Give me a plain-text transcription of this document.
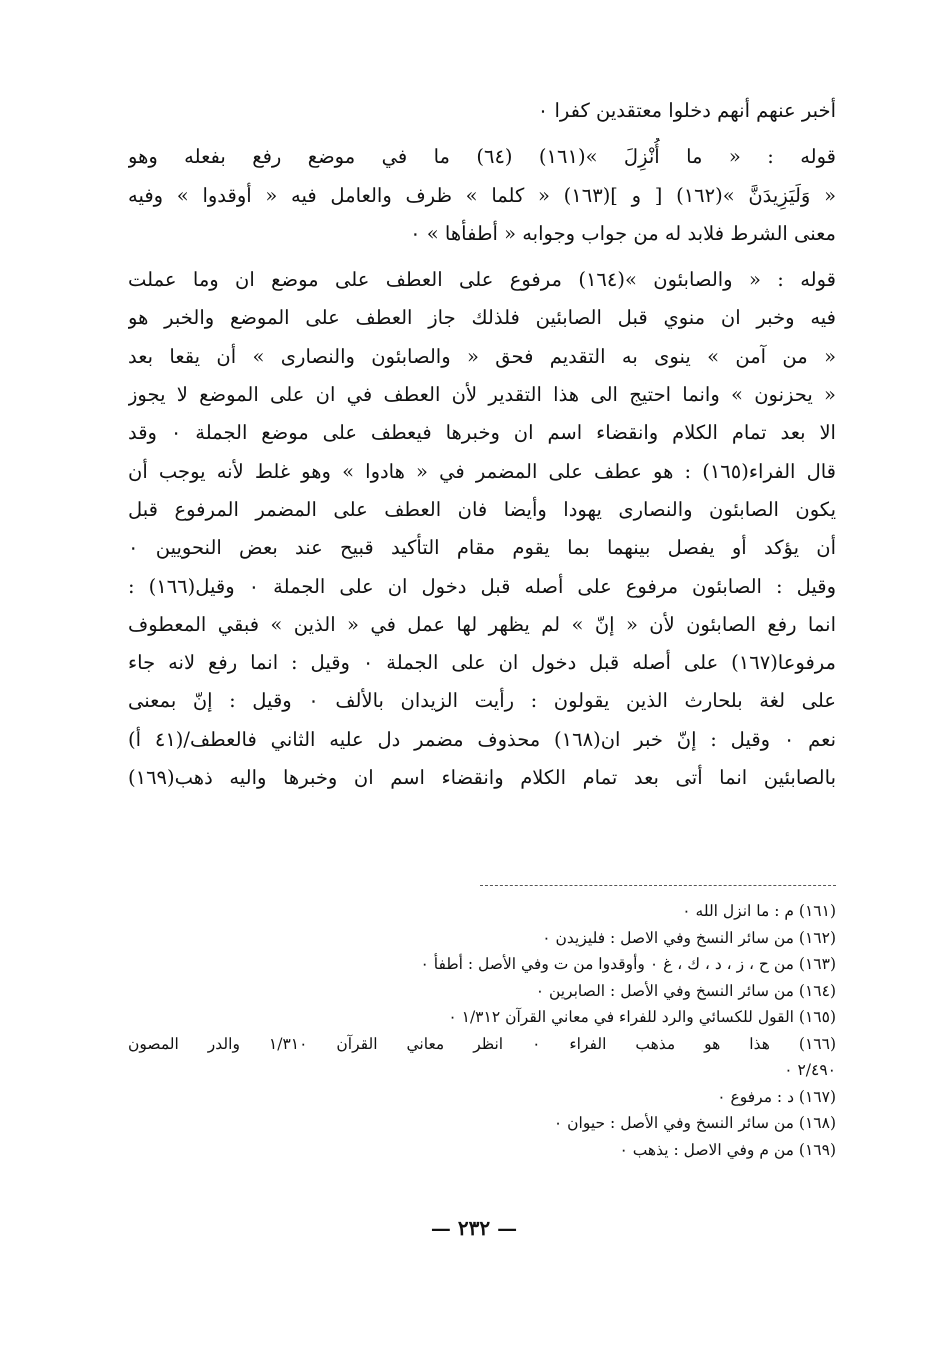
أخبر عنهم أنهم دخلوا معتقدين كفرا ٠
قوله : « ما أُنْزِلَ »(١٦١) (٦٤) ما في موضع رفع بفعله وهو
« وَلَيَزِيدَنَّ »(١٦٢) [ و ](١٦٣) « كلما » ظرف والعامل فيه « أوقدوا » وفيه
معنى الشرط فلابد له من جواب وجوابه « أطفأها » ٠
قوله : « والصابئون »(١٦٤) مرفوع على العطف على موضع ان وما عملت
فيه وخبر ان منوي قبل الصابئين فلذلك جاز العطف على الموضع والخبر هو
« من آمن » ينوى به التقديم فحق « والصابئون والنصارى » أن يقعا بعد
« يحزنون » وانما احتيج الى هذا التقدير لأن العطف في ان على الموضع لا يجوز
الا بعد تمام الكلام وانقضاء اسم ان وخبرها فيعطف على موضع الجملة ٠ وقد
قال الفراء(١٦٥) : هو عطف على المضمر في « هادوا » وهو غلط لأنه يوجب أن
يكون الصابئون والنصارى يهودا وأيضا فان العطف على المضمر المرفوع قبل
أن يؤكد أو يفصل بينهما بما يقوم مقام التأكيد قبيح عند بعض النحويين ٠
وقيل : الصابئون مرفوع على أصله قبل دخول ان على الجملة ٠ وقيل(١٦٦) :
انما رفع الصابئون لأن « إنّ » لم يظهر لها عمل في « الذين » فبقي المعطوف
مرفوعا(١٦٧) على أصله قبل دخول ان على الجملة ٠ وقيل : انما رفع لانه جاء
على لغة بلحارث الذين يقولون : رأيت الزيدان بالألف ٠ وقيل : إنّ بمعنى
نعم ٠ وقيل : إنّ خبر ان(١٦٨) محذوف مضمر دل عليه الثاني فالعطف/(٤١ أ)
بالصابئين انما أتى بعد تمام الكلام وانقضاء اسم ان وخبرها واليه ذهب(١٦٩)
(١٦١) م : ما انزل الله ٠
(١٦٢) من سائر النسخ وفي الاصل : فليزيدن ٠
(١٦٣) من ح ، ز ، د ، ك ، غ ٠ وأوقدوا من ت وفي الأصل : أطفأ ٠
(١٦٤) من سائر النسخ وفي الأصل : الصابرين ٠
(١٦٥) القول للكسائي والرد للفراء في معاني القرآن ١/٣١٢ ٠
(١٦٦) هذا هو مذهب الفراء ٠ انظر معاني القرآن ١/٣١٠ والدر المصون
٢/٤٩٠ ٠
(١٦٧) د : مرفوع ٠
(١٦٨) من سائر النسخ وفي الأصل : حيوان ٠
(١٦٩) من م وفي الاصل : يذهب ٠
— ٢٣٢ —
